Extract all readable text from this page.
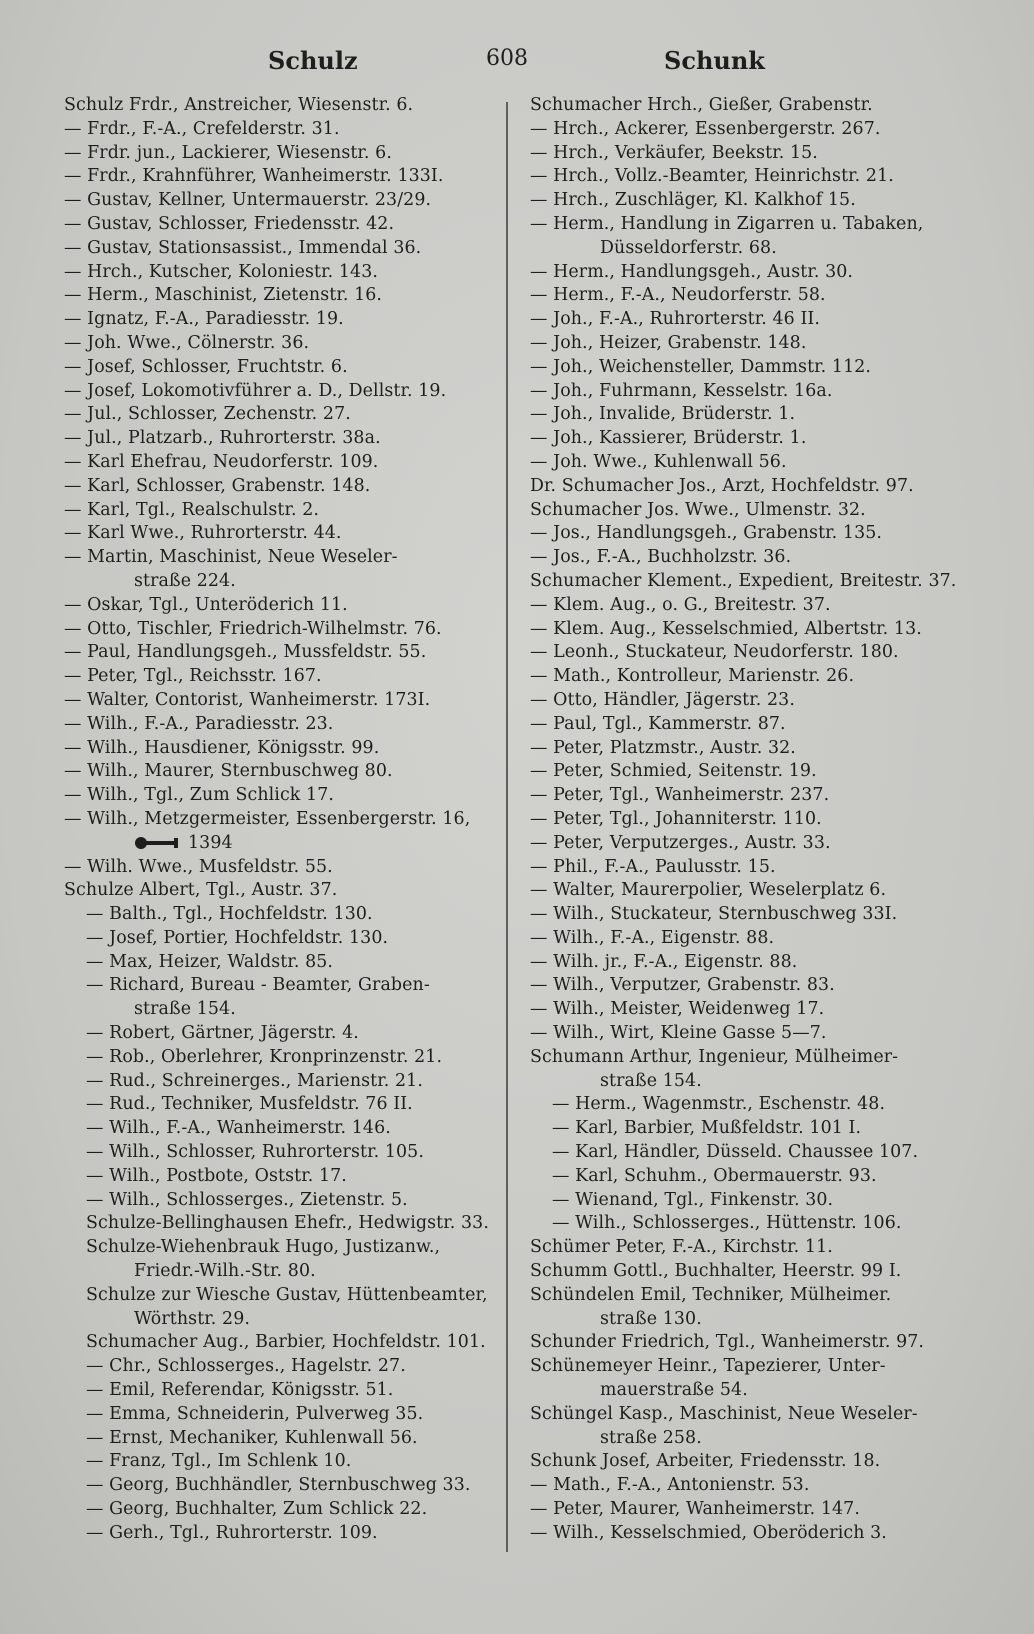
Schulz	608	Schunk
Schulz Frdr., Anstreicher, Wiesenstr. 6.
— Frdr., F.-A., Crefelderstr. 31.
— Frdr. jun., Lackierer, Wiesenstr. 6.
— Frdr., Krahnführer, Wanheimerstr. 133I.
— Gustav, Kellner, Untermauerstr. 23/29.
— Gustav, Schlosser, Friedensstr. 42.
— Gustav, Stationsassist., Immendal 36.
— Hrch., Kutscher, Koloniestr. 143.
— Herm., Maschinist, Zietenstr. 16.
— Ignatz, F.-A., Paradiesstr. 19.
— Joh. Wwe., Cölnerstr. 36.
— Josef, Schlosser, Fruchtstr. 6.
— Josef, Lokomotivführer a. D., Dellstr. 19.
— Jul., Schlosser, Zechenstr. 27.
— Jul., Platzarb., Ruhrorterstr. 38a.
— Karl Ehefrau, Neudorferstr. 109.
— Karl, Schlosser, Grabenstr. 148.
— Karl, Tgl., Realschulstr. 2.
— Karl Wwe., Ruhrorterstr. 44.
— Martin, Maschinist, Neue Weseler-
straße 224.
— Oskar, Tgl., Unteröderich 11.
— Otto, Tischler, Friedrich-Wilhelmstr. 76.
— Paul, Handlungsgeh., Mussfeldstr. 55.
— Peter, Tgl., Reichsstr. 167.
— Walter, Contorist, Wanheimerstr. 173I.
— Wilh., F.-A., Paradiesstr. 23.
— Wilh., Hausdiener, Königsstr. 99.
— Wilh., Maurer, Sternbuschweg 80.
— Wilh., Tgl., Zum Schlick 17.
— Wilh., Metzgermeister, Essenbergerstr. 16,
1394
— Wilh. Wwe., Musfeldstr. 55.
Schulze Albert, Tgl., Austr. 37.
— Balth., Tgl., Hochfeldstr. 130.
— Josef, Portier, Hochfeldstr. 130.
— Max, Heizer, Waldstr. 85.
— Richard, Bureau - Beamter, Graben-
straße 154.
— Robert, Gärtner, Jägerstr. 4.
— Rob., Oberlehrer, Kronprinzenstr. 21.
— Rud., Schreinerges., Marienstr. 21.
— Rud., Techniker, Musfeldstr. 76 II.
— Wilh., F.-A., Wanheimerstr. 146.
— Wilh., Schlosser, Ruhrorterstr. 105.
— Wilh., Postbote, Oststr. 17.
— Wilh., Schlosserges., Zietenstr. 5.
Schulze-Bellinghausen Ehefr., Hedwigstr. 33.
Schulze-Wiehenbrauk Hugo, Justizanw.,
Friedr.-Wilh.-Str. 80.
Schulze zur Wiesche Gustav, Hüttenbeamter,
Wörthstr. 29.
Schumacher Aug., Barbier, Hochfeldstr. 101.
— Chr., Schlosserges., Hagelstr. 27.
— Emil, Referendar, Königsstr. 51.
— Emma, Schneiderin, Pulverweg 35.
— Ernst, Mechaniker, Kuhlenwall 56.
— Franz, Tgl., Im Schlenk 10.
— Georg, Buchhändler, Sternbuschweg 33.
— Georg, Buchhalter, Zum Schlick 22.
— Gerh., Tgl., Ruhrorterstr. 109.
Schumacher Hrch., Gießer, Grabenstr.
— Hrch., Ackerer, Essenbergerstr. 267.
— Hrch., Verkäufer, Beekstr. 15.
— Hrch., Vollz.-Beamter, Heinrichstr. 21.
— Hrch., Zuschläger, Kl. Kalkhof 15.
— Herm., Handlung in Zigarren u. Tabaken,
Düsseldorferstr. 68.
— Herm., Handlungsgeh., Austr. 30.
— Herm., F.-A., Neudorferstr. 58.
— Joh., F.-A., Ruhrorterstr. 46 II.
— Joh., Heizer, Grabenstr. 148.
— Joh., Weichensteller, Dammstr. 112.
— Joh., Fuhrmann, Kesselstr. 16a.
— Joh., Invalide, Brüderstr. 1.
— Joh., Kassierer, Brüderstr. 1.
— Joh. Wwe., Kuhlenwall 56.
Dr. Schumacher Jos., Arzt, Hochfeldstr. 97.
Schumacher Jos. Wwe., Ulmenstr. 32.
— Jos., Handlungsgeh., Grabenstr. 135.
— Jos., F.-A., Buchholzstr. 36.
Schumacher Klement., Expedient, Breitestr. 37.
— Klem. Aug., o. G., Breitestr. 37.
— Klem. Aug., Kesselschmied, Albertstr. 13.
— Leonh., Stuckateur, Neudorferstr. 180.
— Math., Kontrolleur, Marienstr. 26.
— Otto, Händler, Jägerstr. 23.
— Paul, Tgl., Kammerstr. 87.
— Peter, Platzmstr., Austr. 32.
— Peter, Schmied, Seitenstr. 19.
— Peter, Tgl., Wanheimerstr. 237.
— Peter, Tgl., Johanniterstr. 110.
— Peter, Verputzerges., Austr. 33.
— Phil., F.-A., Paulusstr. 15.
— Walter, Maurerpolier, Weselerplatz 6.
— Wilh., Stuckateur, Sternbuschweg 33I.
— Wilh., F.-A., Eigenstr. 88.
— Wilh. jr., F.-A., Eigenstr. 88.
— Wilh., Verputzer, Grabenstr. 83.
— Wilh., Meister, Weidenweg 17.
— Wilh., Wirt, Kleine Gasse 5—7.
Schumann Arthur, Ingenieur, Mülheimer-
straße 154.
— Herm., Wagenmstr., Eschenstr. 48.
— Karl, Barbier, Mußfeldstr. 101 I.
— Karl, Händler, Düsseld. Chaussee 107.
— Karl, Schuhm., Obermauerstr. 93.
— Wienand, Tgl., Finkenstr. 30.
— Wilh., Schlosserges., Hüttenstr. 106.
Schümer Peter, F.-A., Kirchstr. 11.
Schumm Gottl., Buchhalter, Heerstr. 99 I.
Schündelen Emil, Techniker, Mülheimer.
straße 130.
Schunder Friedrich, Tgl., Wanheimerstr. 97.
Schünemeyer Heinr., Tapezierer, Unter-
mauerstraße 54.
Schüngel Kasp., Maschinist, Neue Weseler-
straße 258.
Schunk Josef, Arbeiter, Friedensstr. 18.
— Math., F.-A., Antonienstr. 53.
— Peter, Maurer, Wanheimerstr. 147.
— Wilh., Kesselschmied, Oberöderich 3.
